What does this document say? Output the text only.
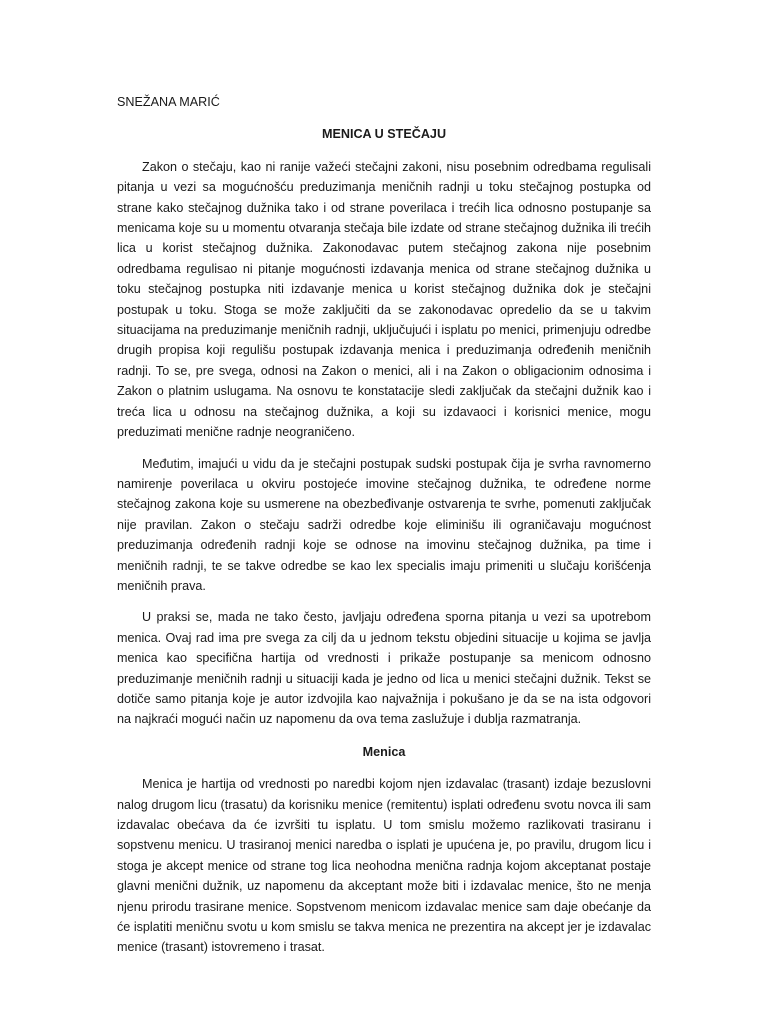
SNEŽANA MARIĆ
MENICA U STEČAJU

Zakon o stečaju, kao ni ranije važeći stečajni zakoni, nisu posebnim odredbama regulisali pitanja u vezi sa mogućnošću preduzimanja meničnih radnji u toku stečajnog postupka od strane kako stečajnog dužnika tako i od strane poverilaca i trećih lica odnosno postupanje sa menicama koje su u momentu otvaranja stečaja bile izdate od strane stečajnog dužnika ili trećih lica u korist stečajnog dužnika. Zakonodavac putem stečajnog zakona nije posebnim odredbama regulisao ni pitanje mogućnosti izdavanja menica od strane stečajnog dužnika u toku stečajnog postupka niti izdavanje menica u korist stečajnog dužnika dok je stečajni postupak u toku. Stoga se može zaključiti da se zakonodavac opredelio da se u takvim situacijama na preduzimanje meničnih radnji, uključujući i isplatu po menici, primenjuju odredbe drugih propisa koji regulišu postupak izdavanja menica i preduzimanja određenih meničnih radnji. To se, pre svega, odnosi na Zakon o menici, ali i na Zakon o obligacionim odnosima i Zakon o platnim uslugama. Na osnovu te konstatacije sledi zaključak da stečajni dužnik kao i treća lica u odnosu na stečajnog dužnika, a koji su izdavaoci i korisnici menice, mogu preduzimati menične radnje neograničeno.

Međutim, imajući u vidu da je stečajni postupak sudski postupak čija je svrha ravnomerno namirenje poverilaca u okviru postojeće imovine stečajnog dužnika, te određene norme stečajnog zakona koje su usmerene na obezbeđivanje ostvarenja te svrhe, pomenuti zaključak nije pravilan. Zakon o stečaju sadrži odredbe koje eliminišu ili ograničavaju mogućnost preduzimanja određenih radnji koje se odnose na imovinu stečajnog dužnika, pa time i meničnih radnji, te se takve odredbe se kao lex specialis imaju primeniti u slučaju korišćenja meničnih prava.

U praksi se, mada ne tako često, javljaju određena sporna pitanja u vezi sa upotrebom menica. Ovaj rad ima pre svega za cilj da u jednom tekstu objedini situacije u kojima se javlja menica kao specifična hartija od vrednosti i prikaže postupanje sa menicom odnosno preduzimanje meničnih radnji u situaciji kada je jedno od lica u menici stečajni dužnik. Tekst se dotiče samo pitanja koje je autor izdvojila kao najvažnija i pokušano je da se na ista odgovori na najkraći mogući način uz napomenu da ova tema zaslužuje i dublja razmatranja.

Menica

Menica je hartija od vrednosti po naredbi kojom njen izdavalac (trasant) izdaje bezuslovni nalog drugom licu (trasatu) da korisniku menice (remitentu) isplati određenu svotu novca ili sam izdavalac obećava da će izvršiti tu isplatu. U tom smislu možemo razlikovati trasiranu i sopstvenu menicu. U trasiranoj menici naredba o isplati je upućena je, po pravilu, drugom licu i stoga je akcept menice od strane tog lica neohodna menična radnja kojom akceptanat postaje glavni menični dužnik, uz napomenu da akceptant može biti i izdavalac menice, što ne menja njenu prirodu trasirane menice. Sopstvenom menicom izdavalac menice sam daje obećanje da će isplatiti meničnu svotu u kom smislu se takva menica ne prezentira na akcept jer je izdavalac menice (trasant) istovremeno i trasat.
